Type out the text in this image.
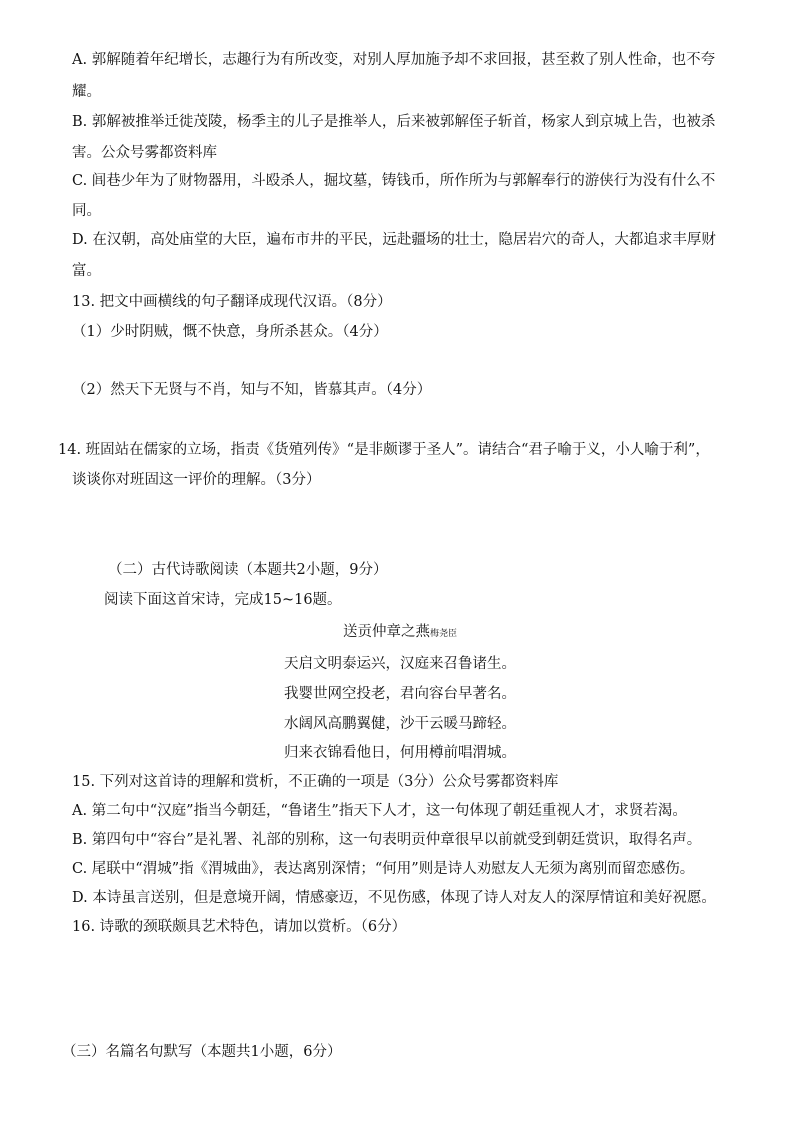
A. 郭解随着年纪增长，志趣行为有所改变，对别人厚加施予却不求回报，甚至救了别人性命，也不夸
耀。
B. 郭解被推举迁徙茂陵，杨季主的儿子是推举人，后来被郭解侄子斩首，杨家人到京城上告，也被杀
害。公众号雾都资料库
C. 闾巷少年为了财物器用，斗殴杀人，掘坟墓，铸钱币，所作所为与郭解奉行的游侠行为没有什么不
同。
D. 在汉朝，高处庙堂的大臣，遍布市井的平民，远赴疆场的壮士，隐居岩穴的奇人，大都追求丰厚财
富。
13. 把文中画横线的句子翻译成现代汉语。（8分）
（1）少时阴贼，慨不快意，身所杀甚众。（4分）
（2）然天下无贤与不肖，知与不知，皆慕其声。（4分）
14. 班固站在儒家的立场，指责《货殖列传》“是非颇谬于圣人”。请结合“君子喻于义，小人喻于利”，
谈谈你对班固这一评价的理解。（3分）
（二）古代诗歌阅读（本题共2小题，9分）
阅读下面这首宋诗，完成15~16题。
送贡仲章之燕梅尧臣
天启文明泰运兴，汉庭来召鲁诸生。
我婴世网空投老，君向容台早著名。
水阔风高鹏翼健，沙干云暖马蹄轻。
归来衣锦看他日，何用樽前唱渭城。
15. 下列对这首诗的理解和赏析，不正确的一项是（3分）公众号雾都资料库
A. 第二句中“汉庭”指当今朝廷，“鲁诸生”指天下人才，这一句体现了朝廷重视人才，求贤若渴。
B. 第四句中“容台”是礼署、礼部的别称，这一句表明贡仲章很早以前就受到朝廷赏识，取得名声。
C. 尾联中“渭城”指《渭城曲》，表达离别深情；“何用”则是诗人劝慰友人无须为离别而留恋感伤。
D. 本诗虽言送别，但是意境开阔，情感豪迈，不见伤感，体现了诗人对友人的深厚情谊和美好祝愿。
16. 诗歌的颈联颇具艺术特色，请加以赏析。（6分）
（三）名篇名句默写（本题共1小题，6分）
